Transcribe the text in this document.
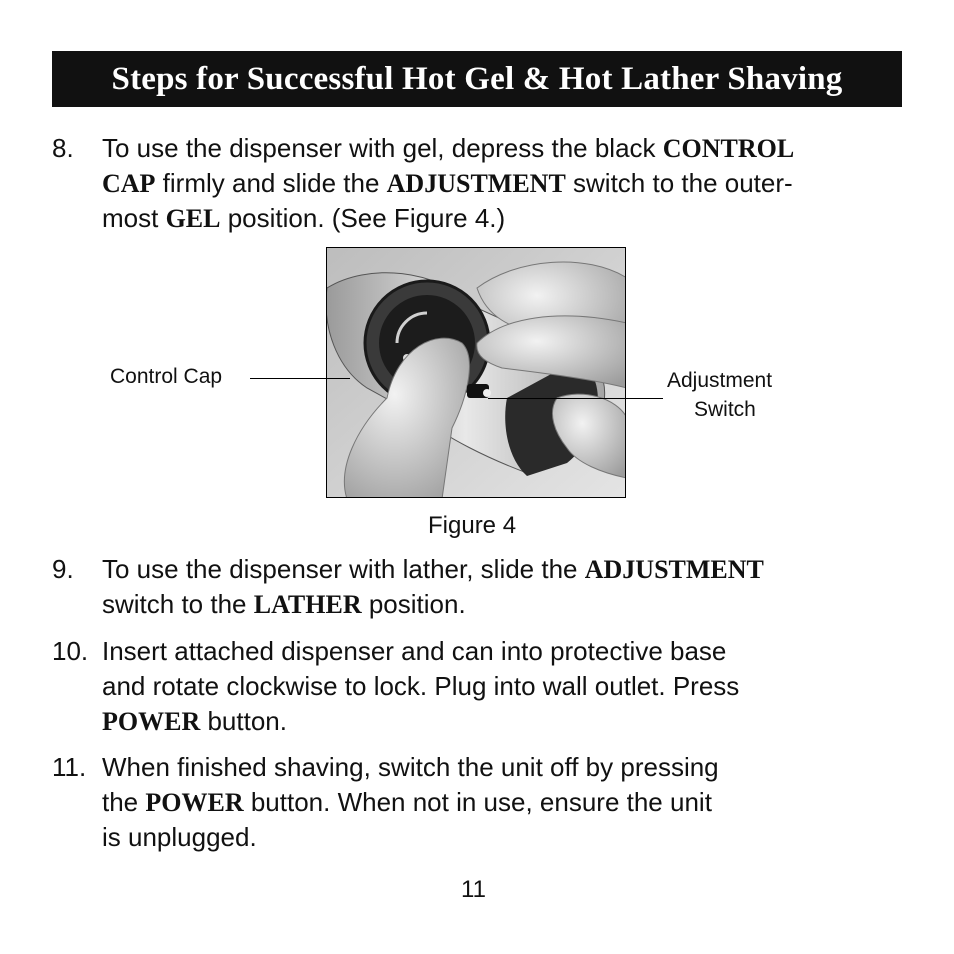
Steps for Successful Hot Gel & Hot Lather Shaving
8. To use the dispenser with gel, depress the black CONTROL
CAP firmly and slide the ADJUSTMENT switch to the outer-
most GEL position. (See Figure 4.)
Control Cap	Adjustment
Switch
Figure 4
9. To use the dispenser with lather, slide the ADJUSTMENT
switch to the LATHER position.
10. Insert attached dispenser and can into protective base
and rotate clockwise to lock. Plug into wall outlet. Press
POWER button.
11. When finished shaving, switch the unit off by pressing
the POWER button. When not in use, ensure the unit
is unplugged.
11
